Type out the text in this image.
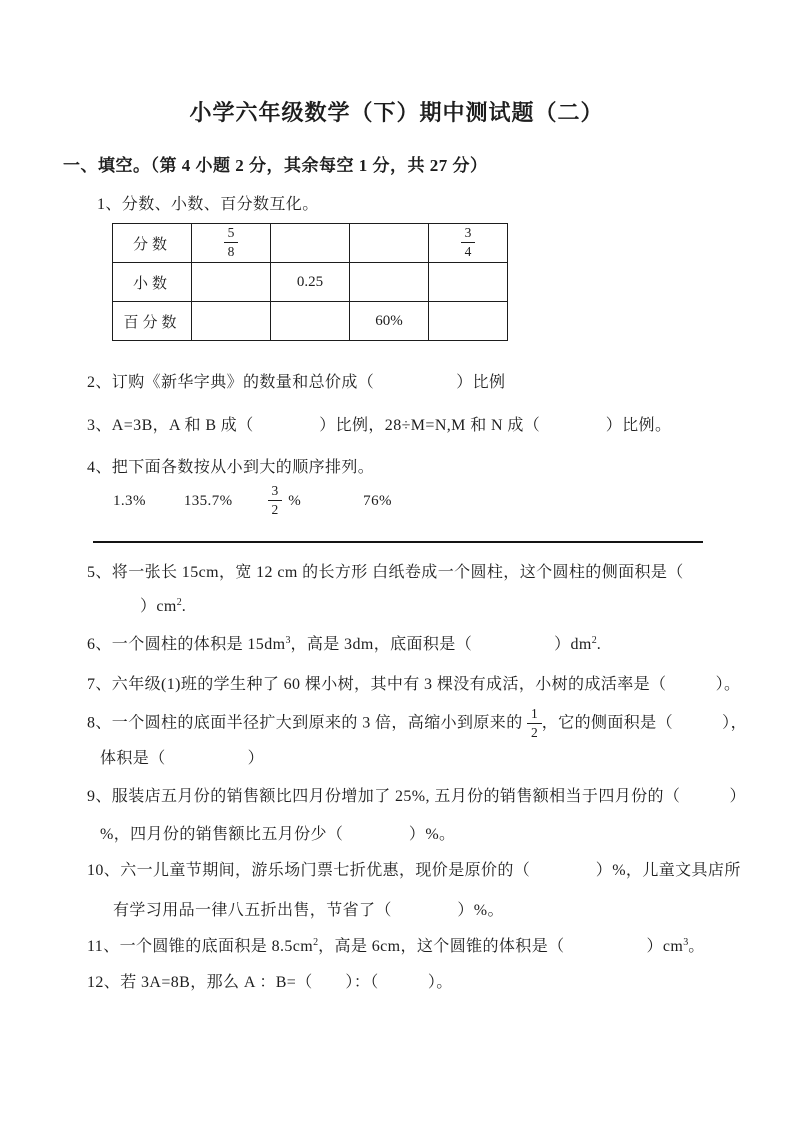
小学六年级数学（下）期中测试题（二）
一、填空。（第 4 小题 2 分，其余每空 1 分，共 27 分）
1、分数、小数、百分数互化。
分数	$\frac{5}{8}$			$\frac{3}{4}$

小数		0.25		
百分数			60%	
2、订购《新华字典》的数量和总价成（　　　　　）比例
3、A=3B，A 和 B 成（　　　　）比例，28÷M=N,M 和 N 成（　　　　）比例。
4、把下面各数按从小到大的顺序排列。
1.3%	135.7%	$\frac{3}{2}$ %	76%
5、将一张长 15cm，宽 12 cm 的长方形 白纸卷成一个圆柱，这个圆柱的侧面积是（
）$cm^2$.
6、一个圆柱的体积是 $15dm^3$，高是 3dm，底面积是（　　　　　）$dm^2$.
7、六年级(1)班的学生种了 60 棵小树，其中有 3 棵没有成活，小树的成活率是（　　　）。
8、一个圆柱的底面半径扩大到原来的 3 倍，高缩小到原来的 $\frac{1}{2}$ ，它的侧面积是（　　　），
体积是（　　　　　）
9、服装店五月份的销售额比四月份增加了 25%, 五月份的销售额相当于四月份的（　　　）
%，四月份的销售额比五月份少（　　　　）%。
10、六一儿童节期间，游乐场门票七折优惠，现价是原价的（　　　　）%，儿童文具店所
有学习用品一律八五折出售，节省了（　　　　）%。
11、一个圆锥的底面积是 $8.5cm^2$，高是 6cm，这个圆锥的体积是（　　　　　）$cm^3$。
12、若 3A=8B，那么 A ：B=（　　）：（　　　）。
